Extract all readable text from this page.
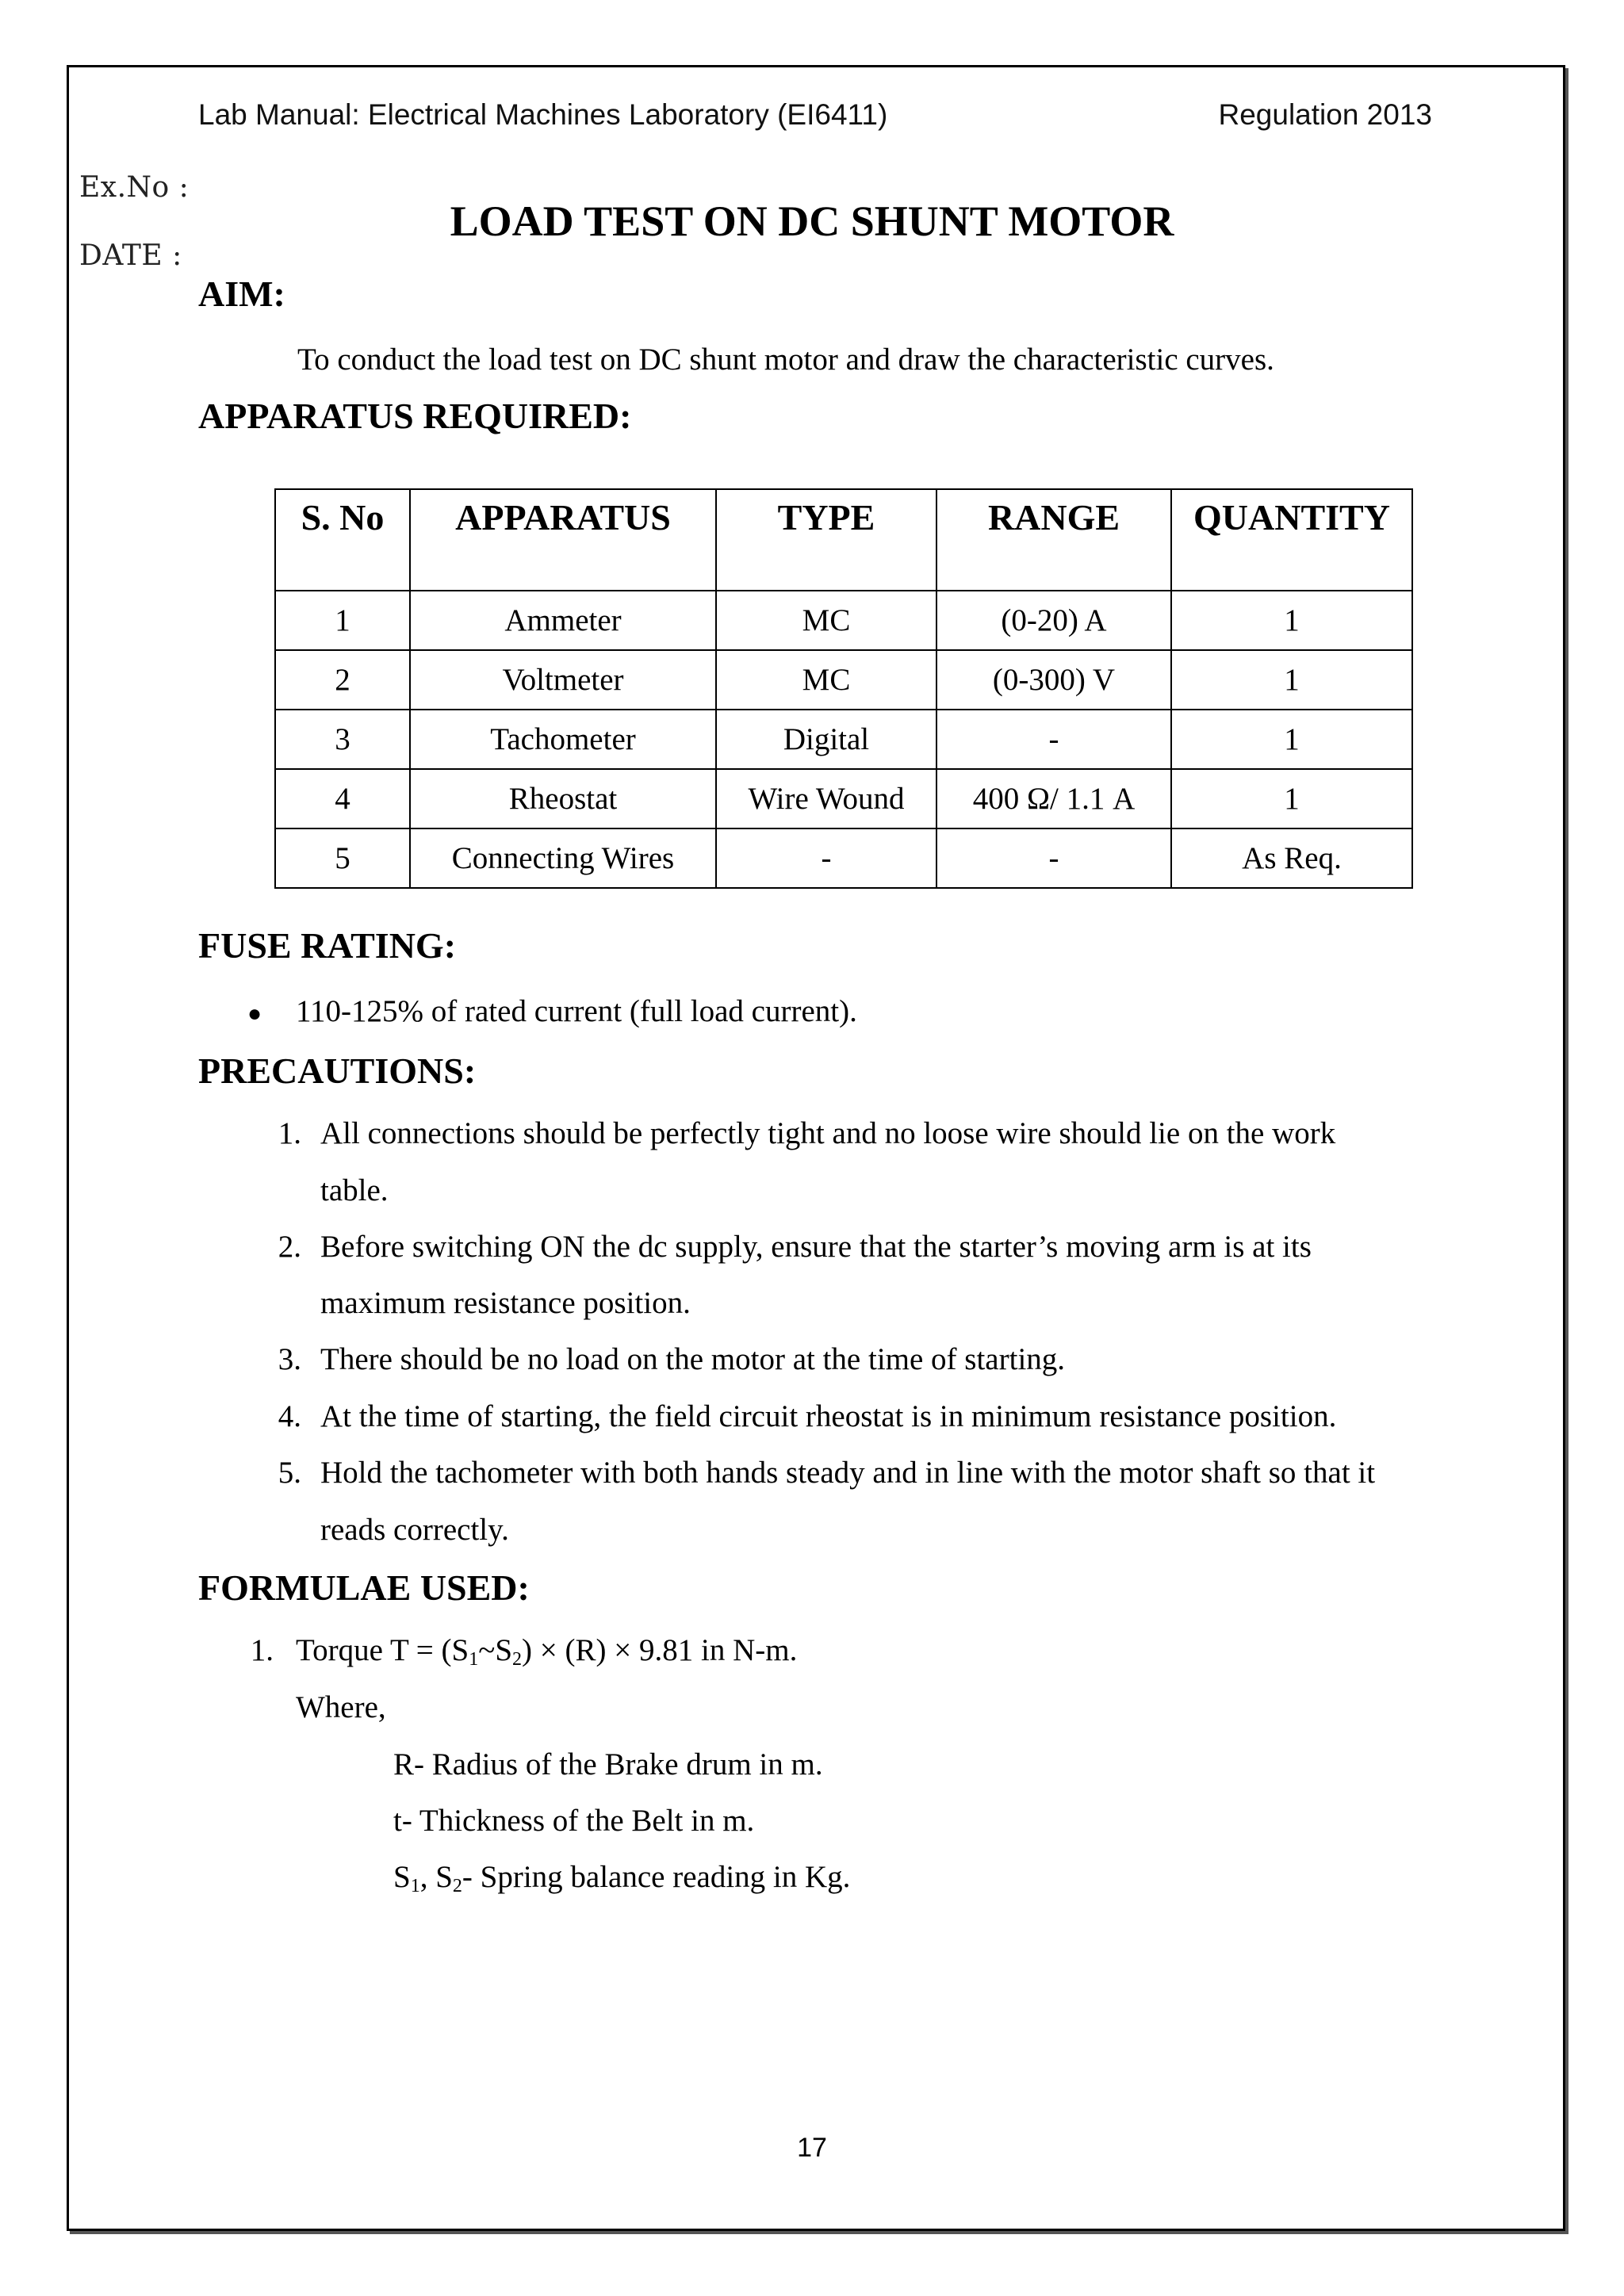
Lab Manual: Electrical Machines Laboratory (EI6411)	Regulation 2013
Ex.No :
DATE :
LOAD TEST ON DC SHUNT MOTOR
AIM:
To conduct the load test on DC shunt motor and draw the characteristic curves.
APPARATUS REQUIRED:
S. No	APPARATUS	TYPE	RANGE	QUANTITY
1	Ammeter	MC	(0-20) A	1
2	Voltmeter	MC	(0-300) V	1
3	Tachometer	Digital	-	1
4	Rheostat	Wire Wound	400 Ω/ 1.1 A	1
5	Connecting Wires	-	-	As Req.
FUSE RATING:
● 110-125% of rated current (full load current).
PRECAUTIONS:
1. All connections should be perfectly tight and no loose wire should lie on the work
table.
2. Before switching ON the dc supply, ensure that the starter’s moving arm is at its
maximum resistance position.
3. There should be no load on the motor at the time of starting.
4. At the time of starting, the field circuit rheostat is in minimum resistance position.
5. Hold the tachometer with both hands steady and in line with the motor shaft so that it
reads correctly.
FORMULAE USED:
1. Torque $T = (S_1\sim S_2) \times (R) \times 9.81$ in N-m.
Where,
R- Radius of the Brake drum in m.
t- Thickness of the Belt in m.
$S_1$, $S_2-$ Spring balance reading in Kg.
17
